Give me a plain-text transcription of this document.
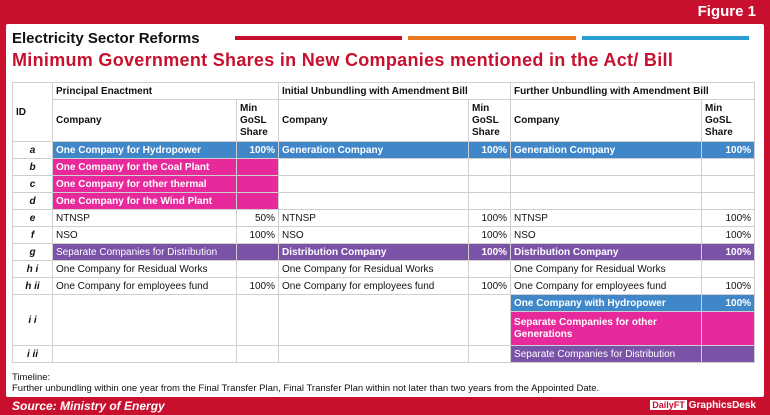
Figure 1
Electricity Sector Reforms
Minimum Government Shares in New Companies mentioned in the Act/ Bill
ID	Principal Enactment		Initial Unbundling with Amendment Bill		Further Unbundling with Amendment Bill	
	Company	Min
GoSL
Share	Company	Min
GoSL
Share	Company	Min
GoSL
Share
a	One Company for Hydropower	100%	Generation Company	100%	Generation Company	100%
b	One Company for the Coal Plant					
c	One Company for other thermal					
d	One Company for the Wind Plant					
e	NTNSP	50%	NTNSP	100%	NTNSP	100%
f	NSO	100%	NSO	100%	NSO	100%
g	Separate Companies for Distribution		Distribution Company	100%	Distribution Company	100%
h i	One Company for Residual Works		One Company for Residual Works		One Company for Residual Works	
h ii	One Company for employees fund	100%	One Company for employees fund	100%	One Company for employees fund	100%
i i					One Company with Hydropower	100%
					Separate Companies for other Generations	
i ii					Separate Companies for Distribution	
Timeline:
Further unbundling within one year from the Final Transfer Plan, Final Transfer Plan within not later than two years from the Appointed Date.
Source: Ministry of Energy	DailyFT GraphicsDesk
